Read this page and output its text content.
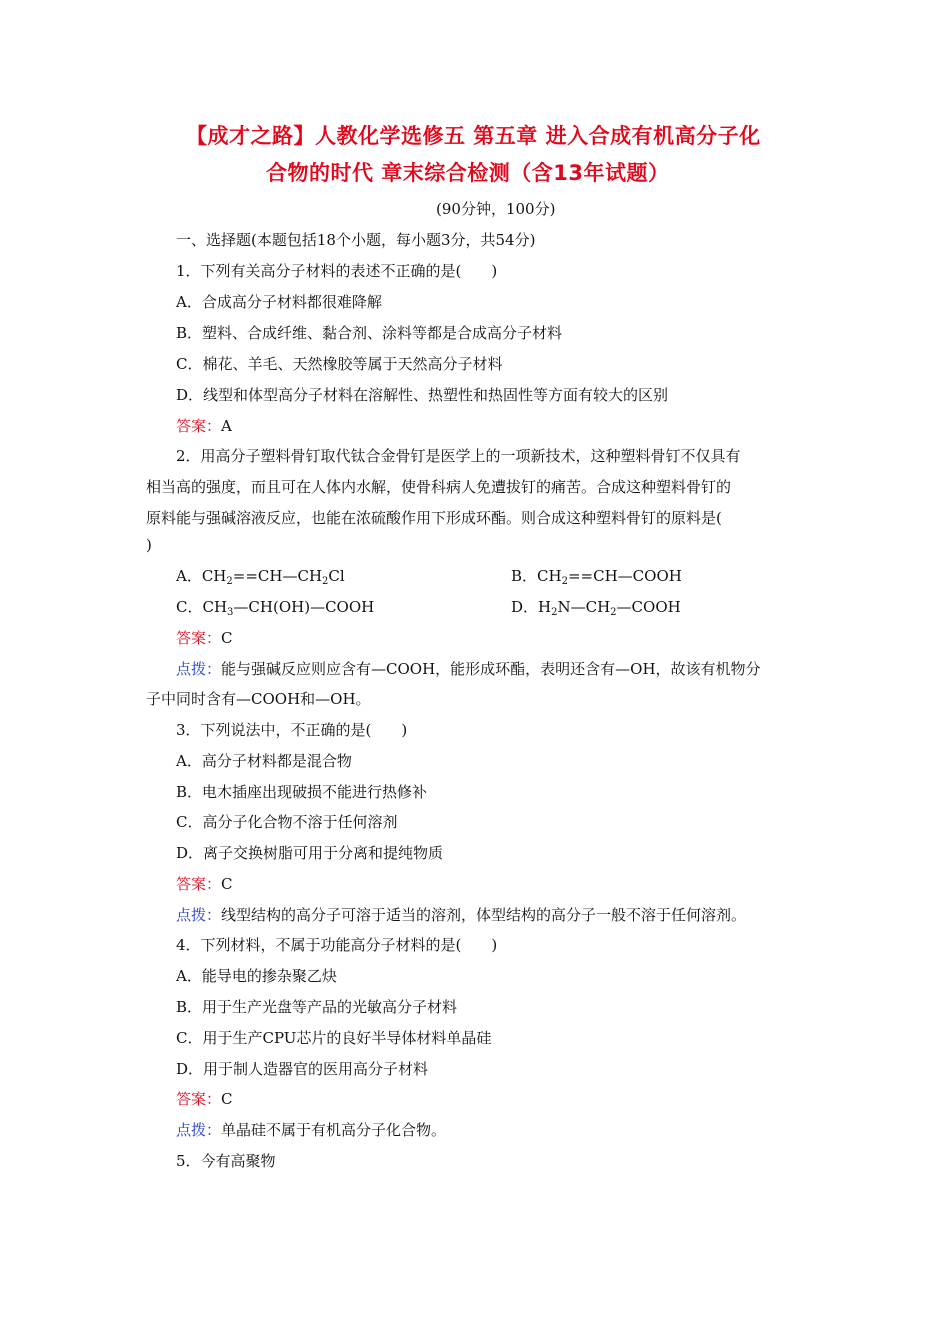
【成才之路】人教化学选修五 第五章 进入合成有机高分子化
合物的时代 章末综合检测（含13年试题）
(90分钟，100分)
一、选择题(本题包括18个小题，每小题3分，共54分)
1．下列有关高分子材料的表述不正确的是(　　)
A．合成高分子材料都很难降解
B．塑料、合成纤维、黏合剂、涂料等都是合成高分子材料
C．棉花、羊毛、天然橡胶等属于天然高分子材料
D．线型和体型高分子材料在溶解性、热塑性和热固性等方面有较大的区别
答案：A
2．用高分子塑料骨钉取代钛合金骨钉是医学上的一项新技术，这种塑料骨钉不仅具有
相当高的强度，而且可在人体内水解，使骨科病人免遭拔钉的痛苦。合成这种塑料骨钉的
原料能与强碱溶液反应，也能在浓硫酸作用下形成环酯。则合成这种塑料骨钉的原料是(
)
A．$CH_2==CH—CH_2Cl$	B．$CH_2==CH—COOH$
C．$CH_3—CH(OH)—COOH$	D．$H_2N—CH_2—COOH$
答案：C
点拨：能与强碱反应则应含有—COOH，能形成环酯，表明还含有—OH，故该有机物分
子中同时含有—COOH和—OH。
3．下列说法中，不正确的是(　　)
A．高分子材料都是混合物
B．电木插座出现破损不能进行热修补
C．高分子化合物不溶于任何溶剂
D．离子交换树脂可用于分离和提纯物质
答案：C
点拨：线型结构的高分子可溶于适当的溶剂，体型结构的高分子一般不溶于任何溶剂。
4．下列材料，不属于功能高分子材料的是(　　)
A．能导电的掺杂聚乙炔
B．用于生产光盘等产品的光敏高分子材料
C．用于生产CPU芯片的良好半导体材料单晶硅
D．用于制人造器官的医用高分子材料
答案：C
点拨：单晶硅不属于有机高分子化合物。
5．今有高聚物
